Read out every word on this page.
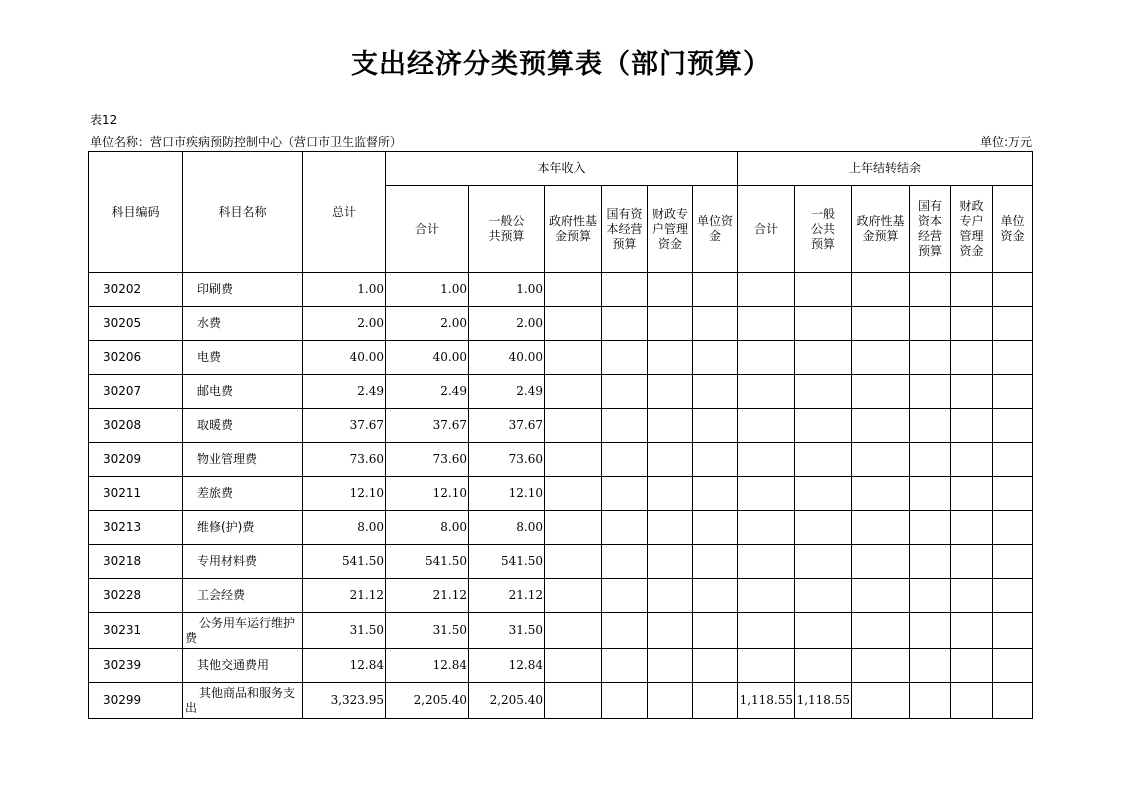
支出经济分类预算表（部门预算）
表12
单位名称：营口市疾病预防控制中心（营口市卫生监督所）	单位:万元
科目编码	科目名称	总计	本年收入						上年结转结余					
			合计	一般公共预算	政府性基金预算	国有资本经营预算	财政专户管理资金	单位资金	合计	一般公共预算	政府性基金预算	国有资本经营预算	财政专户管理资金	单位资金
30202	印刷费	1.00	1.00	1.00										
30205	水费	2.00	2.00	2.00										
30206	电费	40.00	40.00	40.00										
30207	邮电费	2.49	2.49	2.49										
30208	取暖费	37.67	37.67	37.67										
30209	物业管理费	73.60	73.60	73.60										
30211	差旅费	12.10	12.10	12.10										
30213	维修(护)费	8.00	8.00	8.00										
30218	专用材料费	541.50	541.50	541.50										
30228	工会经费	21.12	21.12	21.12										
30231	公务用车运行维护费	31.50	31.50	31.50										
30239	其他交通费用	12.84	12.84	12.84										
30299	其他商品和服务支出	3,323.95	2,205.40	2,205.40					1,118.55	1,118.55				
